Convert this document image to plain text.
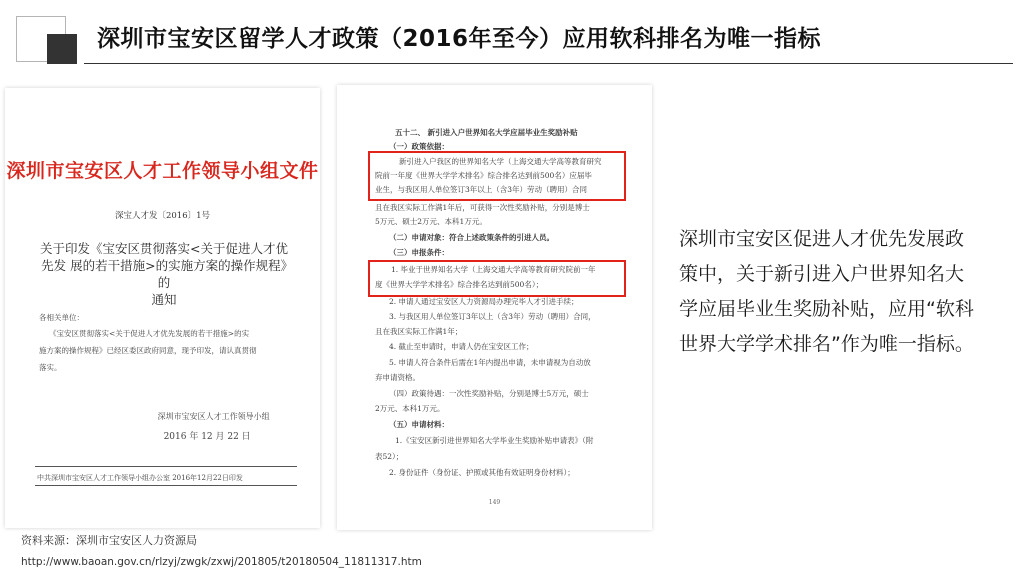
深圳市宝安区留学人才政策（2016年至今）应用软科排名为唯一指标
深圳市宝安区人才工作领导小组文件
深宝人才发〔2016〕1号
关于印发《宝安区贯彻落实<关于促进人才优先发 展的若干措施>的实施方案的操作规程》的
通知
各相关单位：
《宝安区贯彻落实<关于促进人才优先发展的若干措施>的实
施方案的操作规程》已经区委区政府同意，现予印发，请认真贯彻
落实。
深圳市宝安区人才工作领导小组
2016 年 12 月 22 日
中共深圳市宝安区人才工作领导小组办公室 2016年12月22日印发
五十二、 新引进入户世界知名大学应届毕业生奖励补贴
（一）政策依据：
新引进入户我区的世界知名大学（上海交通大学高等教育研究
院前一年度《世界大学学术排名》综合排名达到前500名）应届毕
业生，与我区用人单位签订3年以上（含3年）劳动（聘用）合同
且在我区实际工作满1年后，可获得一次性奖励补贴，分别是博士
5万元、硕士2万元、本科1万元。
（二）申请对象：符合上述政策条件的引进人员。
（三）申报条件：
1. 毕业于世界知名大学（上海交通大学高等教育研究院前一年
度《世界大学学术排名》综合排名达到前500名）；
2. 申请人通过宝安区人力资源局办理完毕人才引进手续；
3. 与我区用人单位签订3年以上（含3年）劳动（聘用）合同，
且在我区实际工作满1年；
4. 截止至申请时，申请人仍在宝安区工作；
5. 申请人符合条件后需在1年内提出申请，未申请视为自动放
弃申请资格。
（四）政策待遇：一次性奖励补贴，分别是博士5万元，硕士
2万元、本科1万元。
（五）申请材料：
1.《宝安区新引进世界知名大学毕业生奖励补贴申请表》（附
表52）；
2. 身份证件（身份证、护照或其他有效证明身份材料）；
149
深圳市宝安区促进人才优先发展政策中，关于新引进入户世界知名大学应届毕业生奖励补贴，应用“软科世界大学学术排名”作为唯一指标。
资料来源：深圳市宝安区人力资源局
http://www.baoan.gov.cn/rlzyj/zwgk/zxwj/201805/t20180504_11811317.htm
